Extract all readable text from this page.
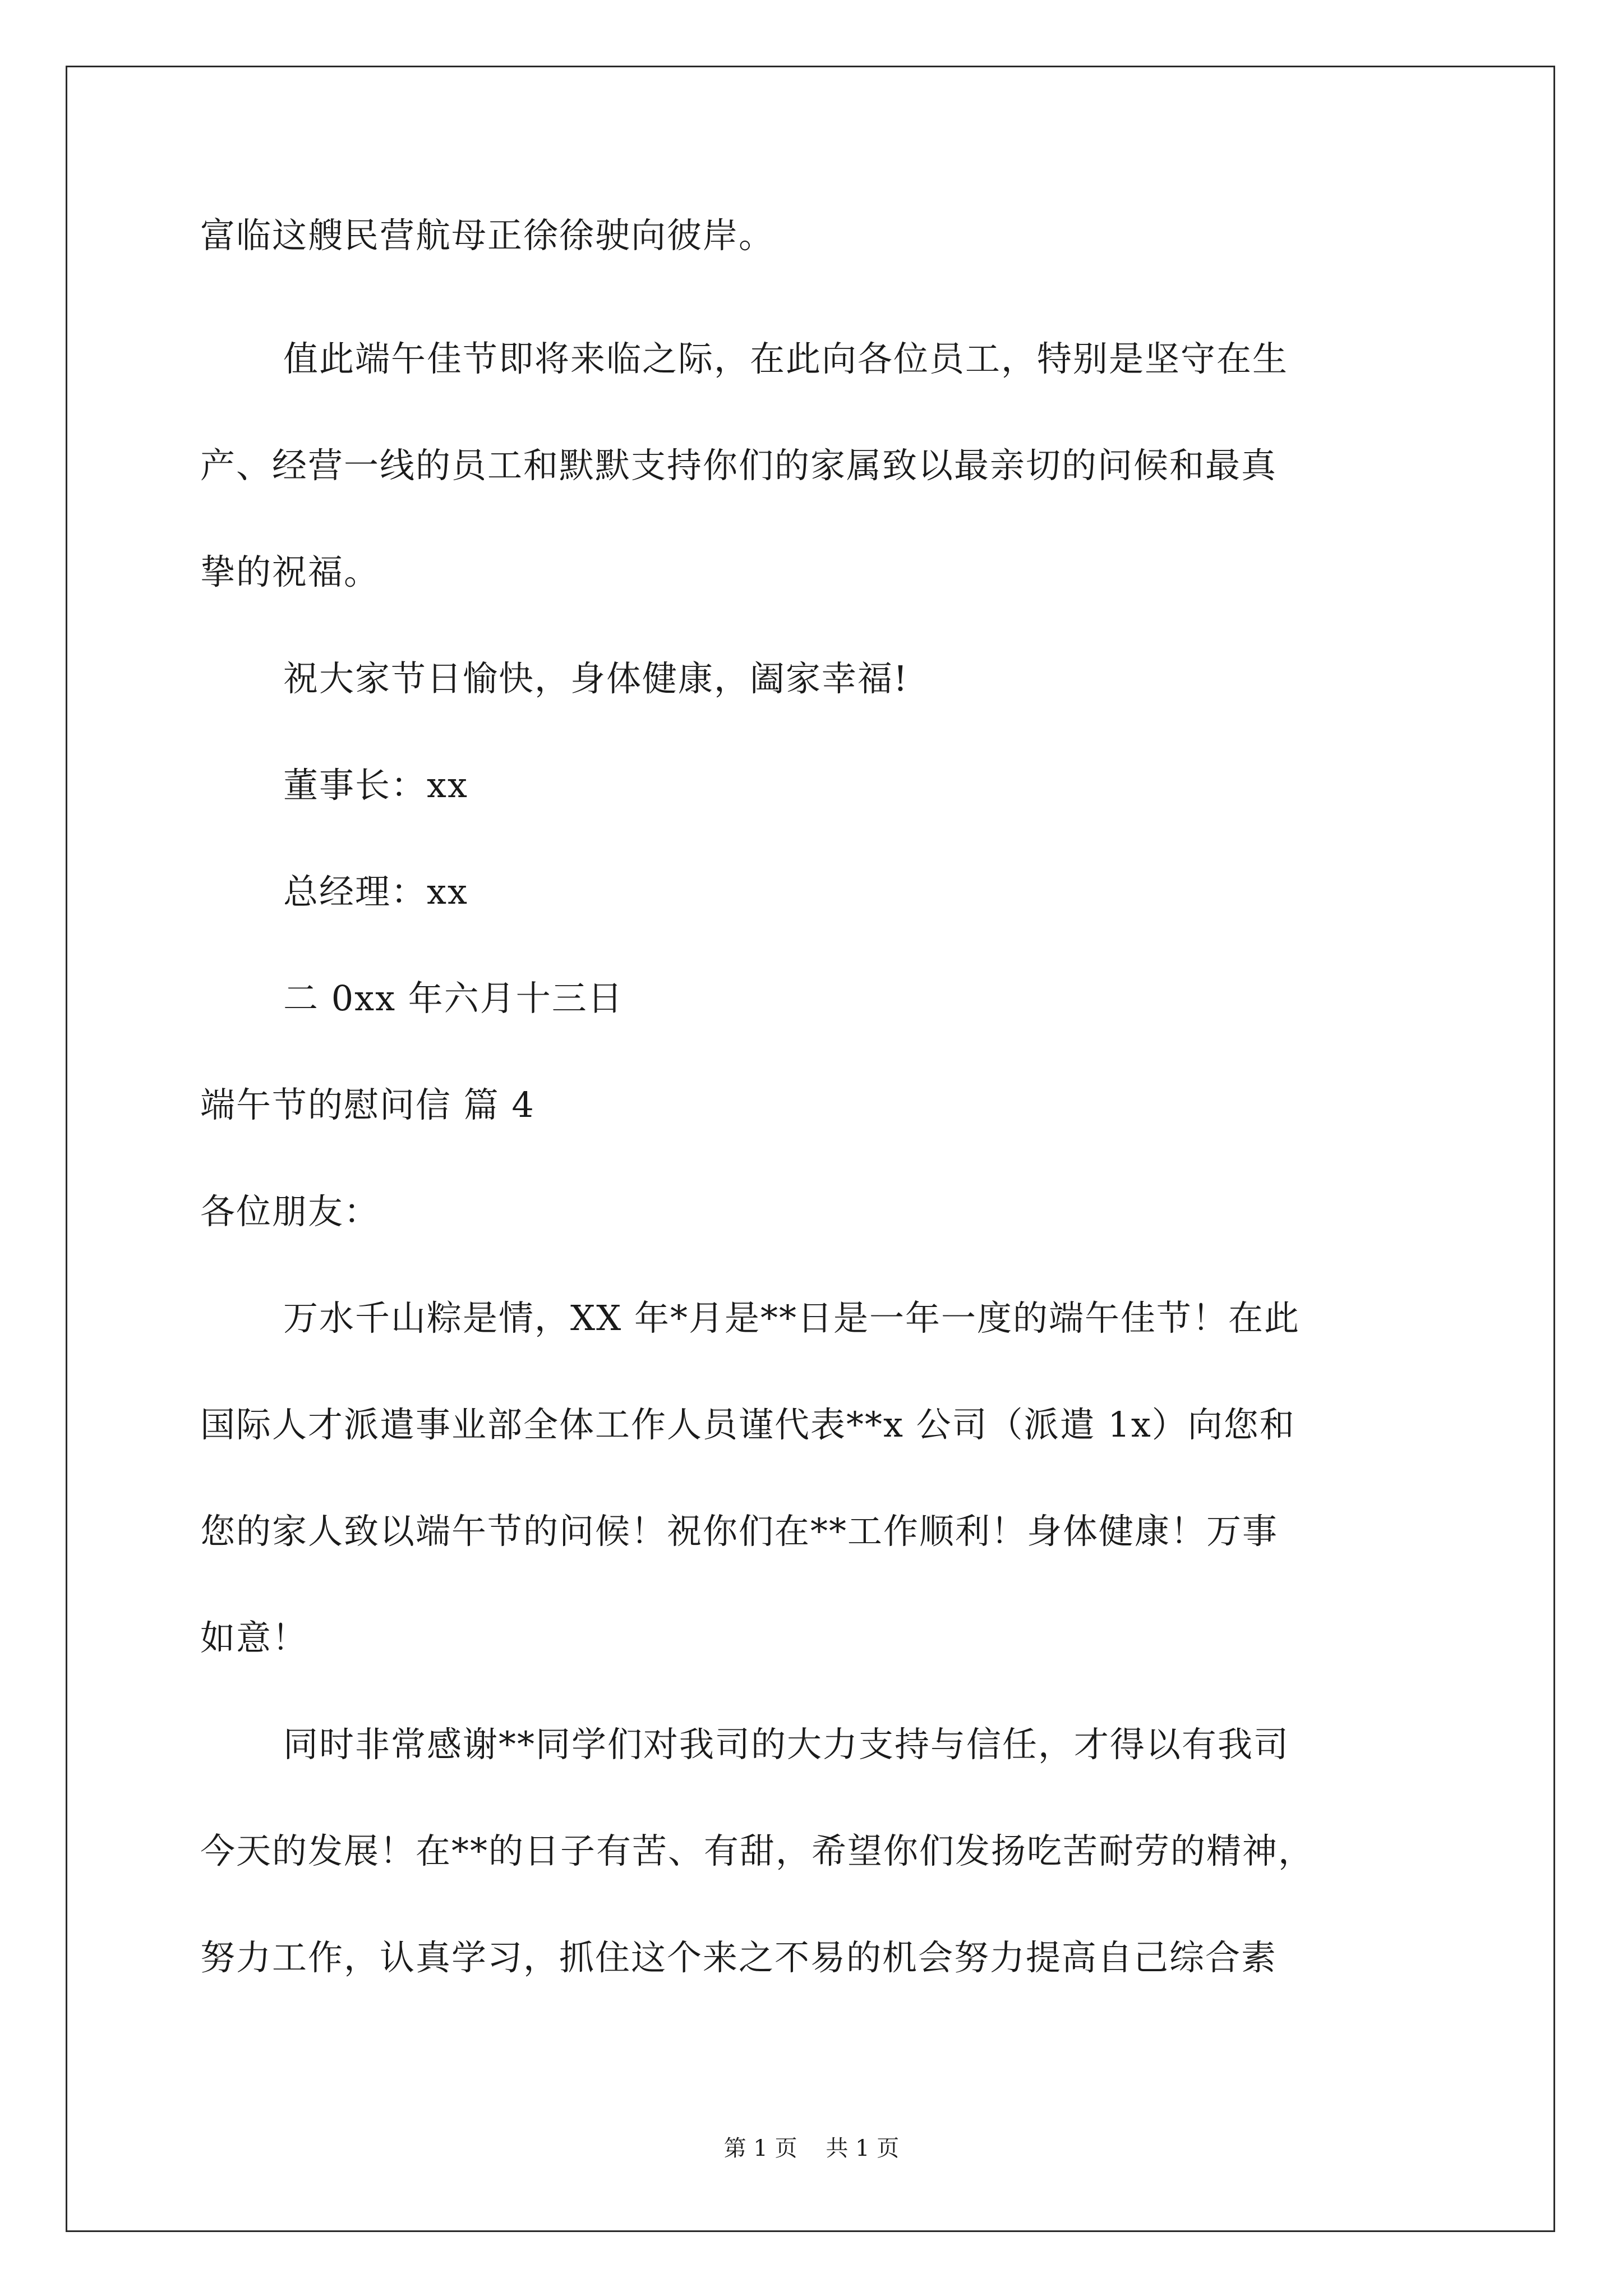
富临这艘民营航母正徐徐驶向彼岸。

值此端午佳节即将来临之际，在此向各位员工，特别是坚守在生

产、经营一线的员工和默默支持你们的家属致以最亲切的问候和最真

挚的祝福。

祝大家节日愉快，身体健康，阖家幸福!

董事长：xx

总经理：xx

二 0xx 年六月十三日

端午节的慰问信 篇 4

各位朋友：

万水千山粽是情，XX 年*月是**日是一年一度的端午佳节！在此

国际人才派遣事业部全体工作人员谨代表**x 公司（派遣 1x）向您和

您的家人致以端午节的问候！祝你们在**工作顺利！身体健康！万事

如意！

同时非常感谢**同学们对我司的大力支持与信任，才得以有我司

今天的发展！在**的日子有苦、有甜，希望你们发扬吃苦耐劳的精神，

努力工作，认真学习，抓住这个来之不易的机会努力提高自己综合素

第 1 页    共 1 页
